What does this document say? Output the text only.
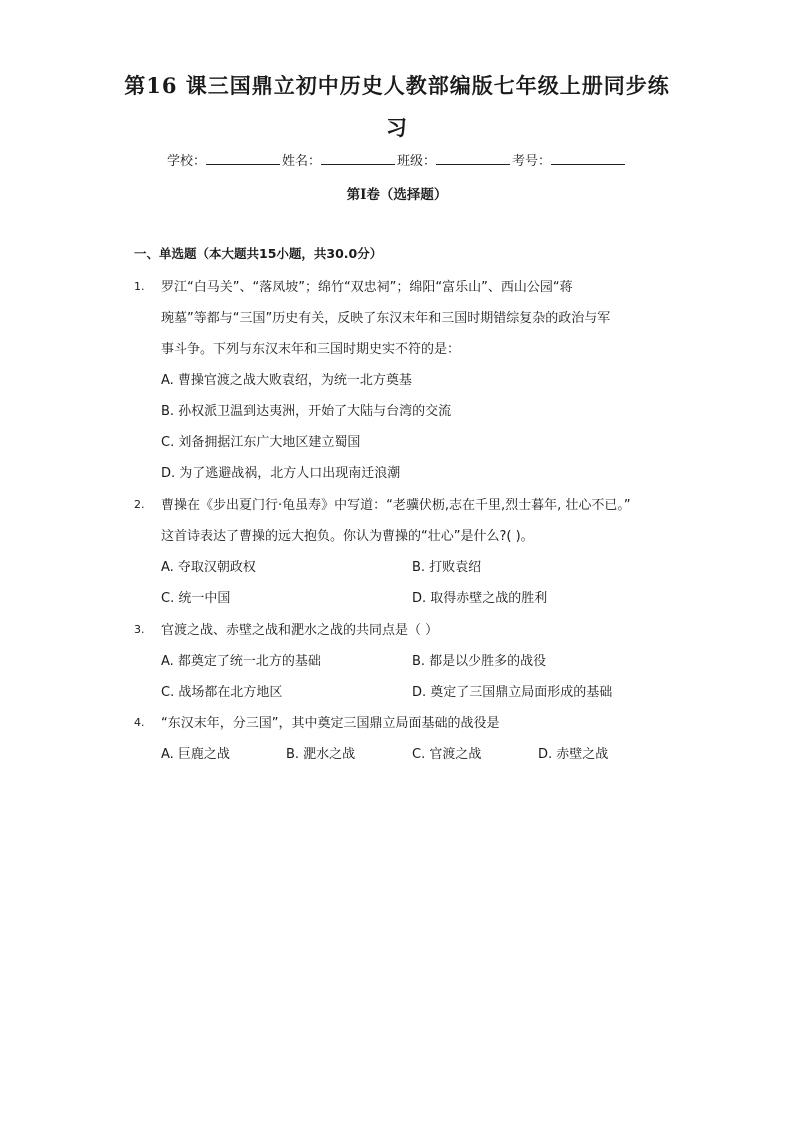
第16 课三国鼎立初中历史人教部编版七年级上册同步练
习
学校：	姓名：	班级：	考号：
第I卷（选择题）
一、单选题（本大题共15小题，共30.0分）
1. 罗江“白马关”、“落凤坡”；绵竹“双忠祠”；绵阳“富乐山”、西山公园“蒋
琬墓”等都与“三国”历史有关，反映了东汉末年和三国时期错综复杂的政治与军
事斗争。下列与东汉末年和三国时期史实不符的是：
A. 曹操官渡之战大败袁绍，为统一北方奠基
B. 孙权派卫温到达夷洲，开始了大陆与台湾的交流
C. 刘备拥据江东广大地区建立蜀国
D. 为了逃避战祸，北方人口出现南迁浪潮
2. 曹操在《步出夏门行·龟虽寿》中写道：“老骥伏枥,志在千里,烈士暮年, 壮心不已。”
这首诗表达了曹操的远大抱负。你认为曹操的“壮心”是什么?( )。
A. 夺取汉朝政权	B. 打败袁绍
C. 统一中国	D. 取得赤壁之战的胜利
3. 官渡之战、赤壁之战和淝水之战的共同点是（ ）
A. 都奠定了统一北方的基础	B. 都是以少胜多的战役
C. 战场都在北方地区	D. 奠定了三国鼎立局面形成的基础
4. “东汉末年，分三国”，其中奠定三国鼎立局面基础的战役是
A. 巨鹿之战	B. 淝水之战	C. 官渡之战	D. 赤壁之战
